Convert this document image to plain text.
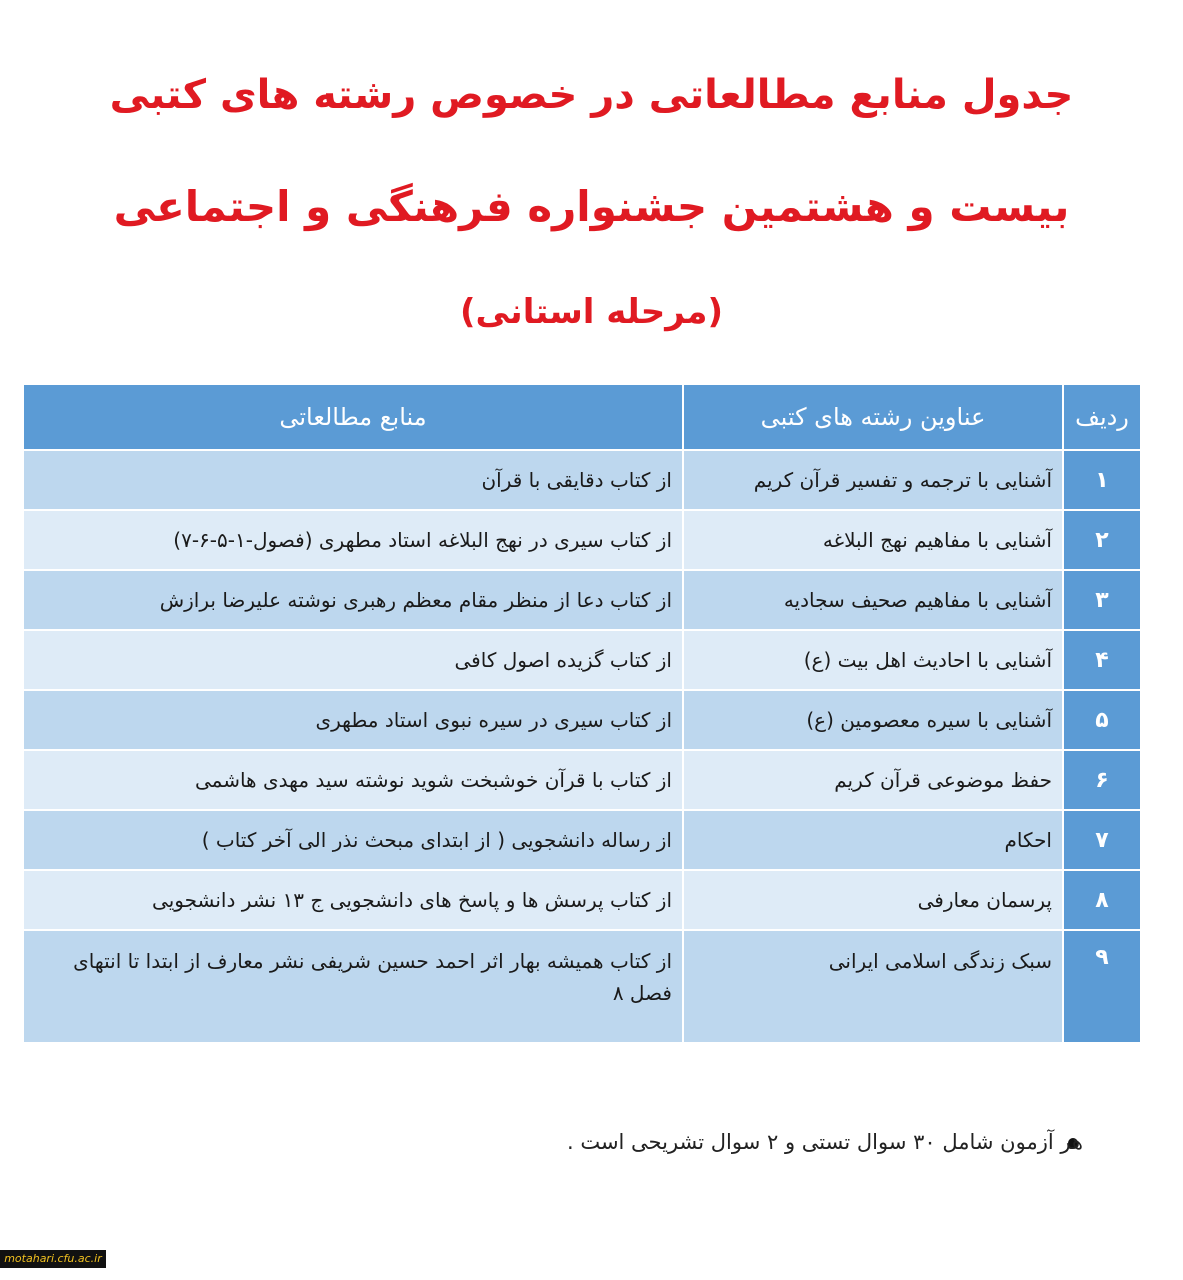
جدول منابع مطالعاتی در خصوص رشته های کتبی
بیست و هشتمین جشنواره فرهنگی و اجتماعی
(مرحله استانی)
ردیف	عناوین رشته های کتبی	منابع مطالعاتی
۱	آشنایی با ترجمه و تفسیر قرآن کریم	از کتاب دقایقی با قرآن
۲	آشنایی با مفاهیم نهج البلاغه	از کتاب سیری در نهج البلاغه استاد مطهری (فصول-۱-۵-۶-۷)
۳	آشنایی با مفاهیم صحیف سجادیه	از کتاب دعا از منظر مقام معظم رهبری نوشته علیرضا برازش
۴	آشنایی با احادیث اهل بیت (ع)	از کتاب گزیده اصول کافی
۵	آشنایی با سیره معصومین (ع)	از کتاب سیری در سیره نبوی استاد مطهری
۶	حفظ موضوعی قرآن کریم	از کتاب با قرآن خوشبخت شوید نوشته سید مهدی هاشمی
۷	احکام	از رساله دانشجویی ( از ابتدای مبحث نذر الی آخر کتاب )
۸	پرسمان معارفی	از کتاب پرسش ها و پاسخ های دانشجویی ج ۱۳ نشر دانشجویی
۹	سبک زندگی اسلامی ایرانی	از کتاب همیشه بهار اثر احمد حسین شریفی نشر معارف از ابتدا تا انتهای فصل ۸
هر آزمون شامل ۳۰ سوال تستی و ۲ سوال تشریحی است .
motahari.cfu.ac.ir
